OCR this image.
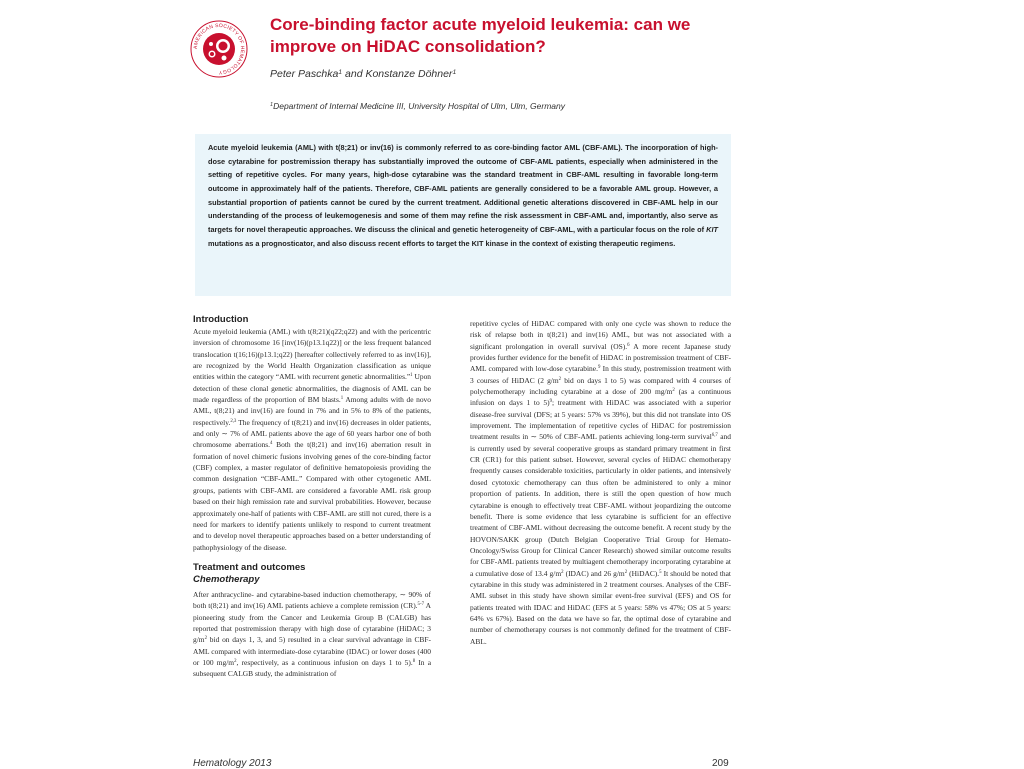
AMERICAN SOCIETY OF HEMATOLOGY
Core-binding factor acute myeloid leukemia: can we improve on HiDAC consolidation?
Peter Paschka$^1$ and Konstanze Döhner$^1$
$^1$Department of Internal Medicine III, University Hospital of Ulm, Ulm, Germany
Acute myeloid leukemia (AML) with t(8;21) or inv(16) is commonly referred to as core-binding factor AML (CBF-AML). The incorporation of high-dose cytarabine for postremission therapy has substantially improved the outcome of CBF-AML patients, especially when administered in the setting of repetitive cycles. For many years, high-dose cytarabine was the standard treatment in CBF-AML resulting in favorable long-term outcome in approximately half of the patients. Therefore, CBF-AML patients are generally considered to be a favorable AML group. However, a substantial proportion of patients cannot be cured by the current treatment. Additional genetic alterations discovered in CBF-AML help in our understanding of the process of leukemogenesis and some of them may refine the risk assessment in CBF-AML and, importantly, also serve as targets for novel therapeutic approaches. We discuss the clinical and genetic heterogeneity of CBF-AML, with a particular focus on the role of KIT mutations as a prognosticator, and also discuss recent efforts to target the KIT kinase in the context of existing therapeutic regimens.
Introduction

Acute myeloid leukemia (AML) with t(8;21)(q22;q22) and with the pericentric inversion of chromosome 16 [inv(16)(p13.1q22)] or the less frequent balanced translocation t(16;16)(p13.1;q22) [hereafter collectively referred to as inv(16)], are recognized by the World Health Organization classification as unique entities within the category “AML with recurrent genetic abnormalities.”$^1$ Upon detection of these clonal genetic abnormalities, the diagnosis of AML can be made regardless of the proportion of BM blasts.$^1$ Among adults with de novo AML, t(8;21) and inv(16) are found in 7% and in 5% to 8% of the patients, respectively.$^{2,3}$ The frequency of t(8;21) and inv(16) decreases in older patients, and only ∼ 7% of AML patients above the age of 60 years harbor one of both chromosome aberrations.$^4$ Both the t(8;21) and inv(16) aberration result in formation of novel chimeric fusions involving genes of the core-binding factor (CBF) complex, a master regulator of definitive hematopoiesis providing the common designation “CBF-AML.” Compared with other cytogenetic AML groups, patients with CBF-AML are considered a favorable AML risk group based on their high remission rate and survival probabilities. However, because approximately one-half of patients with CBF-AML are still not cured, there is a need for markers to identify patients unlikely to respond to current treatment and to develop novel therapeutic approaches based on a better understanding of pathophysiology of the disease.

Treatment and outcomes
Chemotherapy

After anthracycline- and cytarabine-based induction chemotherapy, ∼ 90% of both t(8;21) and inv(16) AML patients achieve a complete remission (CR).$^{5-7}$ A pioneering study from the Cancer and Leukemia Group B (CALGB) has reported that postremission therapy with high dose of cytarabine (HiDAC; 3 $g/m^2$ bid on days 1, 3, and 5) resulted in a clear survival advantage in CBF-AML compared with intermediate-dose cytarabine (IDAC) or lower doses (400 or 100 $mg/m^2$, respectively, as a continuous infusion on days 1 to 5).$^8$ In a subsequent CALGB study, the administration of

repetitive cycles of HiDAC compared with only one cycle was shown to reduce the risk of relapse both in t(8;21) and inv(16) AML, but was not associated with a significant prolongation in overall survival (OS).$^6$ A more recent Japanese study provides further evidence for the benefit of HiDAC in postremission treatment of CBF-AML compared with low-dose cytarabine.$^9$ In this study, postremission treatment with 3 courses of HiDAC (2 $g/m^2$ bid on days 1 to 5) was compared with 4 courses of polychemotherapy including cytarabine at a dose of 200 $mg/m^2$ (as a continuous infusion on days 1 to 5)$^9$; treatment with HiDAC was associated with a superior disease-free survival (DFS; at 5 years: 57% vs 39%), but this did not translate into OS improvement. The implementation of repetitive cycles of HiDAC for postremission treatment results in ∼ 50% of CBF-AML patients achieving long-term survival$^{6,7}$ and is currently used by several cooperative groups as standard primary treatment in first CR (CR1) for this patient subset. However, several cycles of HiDAC chemotherapy frequently causes considerable toxicities, particularly in older patients, and intensively dosed cytotoxic chemotherapy can thus often be administered to only a minor proportion of patients. In addition, there is still the open question of how much cytarabine is enough to effectively treat CBF-AML without jeopardizing the outcome benefit. There is some evidence that less cytarabine is sufficient for an effective treatment of CBF-AML without decreasing the outcome benefit. A recent study by the HOVON/SAKK group (Dutch Belgian Cooperative Trial Group for Hemato-Oncology/Swiss Group for Clinical Cancer Research) showed similar outcome results for CBF-AML patients treated by multiagent chemotherapy incorporating cytarabine at a cumulative dose of 13.4 $g/m^2$ (IDAC) and 26 $g/m^2$ (HiDAC).$^5$ It should be noted that cytarabine in this study was administered in 2 treatment courses. Analyses of the CBF-AML subset in this study have shown similar event-free survival (EFS) and OS for patients treated with IDAC and HiDAC (EFS at 5 years: 58% vs 47%; OS at 5 years: 64% vs 67%). Based on the data we have so far, the optimal dose of cytarabine and number of chemotherapy courses is not commonly defined for the treatment of CBF-ABL.

Hematology 2013	209
